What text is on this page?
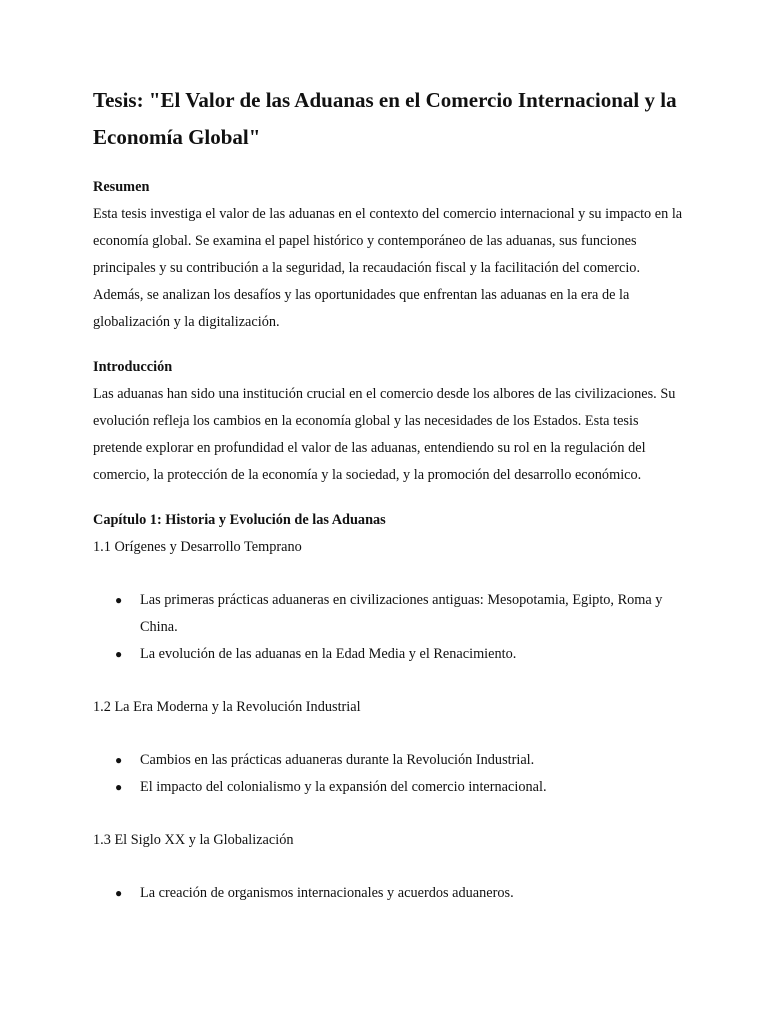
Tesis: "El Valor de las Aduanas en el Comercio Internacional y la Economía Global"

Resumen

Esta tesis investiga el valor de las aduanas en el contexto del comercio internacional y su impacto en la economía global. Se examina el papel histórico y contemporáneo de las aduanas, sus funciones principales y su contribución a la seguridad, la recaudación fiscal y la facilitación del comercio. Además, se analizan los desafíos y las oportunidades que enfrentan las aduanas en la era de la globalización y la digitalización.

Introducción

Las aduanas han sido una institución crucial en el comercio desde los albores de las civilizaciones. Su evolución refleja los cambios en la economía global y las necesidades de los Estados. Esta tesis pretende explorar en profundidad el valor de las aduanas, entendiendo su rol en la regulación del comercio, la protección de la economía y la sociedad, y la promoción del desarrollo económico.

Capítulo 1: Historia y Evolución de las Aduanas

1.1 Orígenes y Desarrollo Temprano

● Las primeras prácticas aduaneras en civilizaciones antiguas: Mesopotamia, Egipto, Roma y China.
● La evolución de las aduanas en la Edad Media y el Renacimiento.

1.2 La Era Moderna y la Revolución Industrial

● Cambios en las prácticas aduaneras durante la Revolución Industrial.
● El impacto del colonialismo y la expansión del comercio internacional.

1.3 El Siglo XX y la Globalización

● La creación de organismos internacionales y acuerdos aduaneros.
